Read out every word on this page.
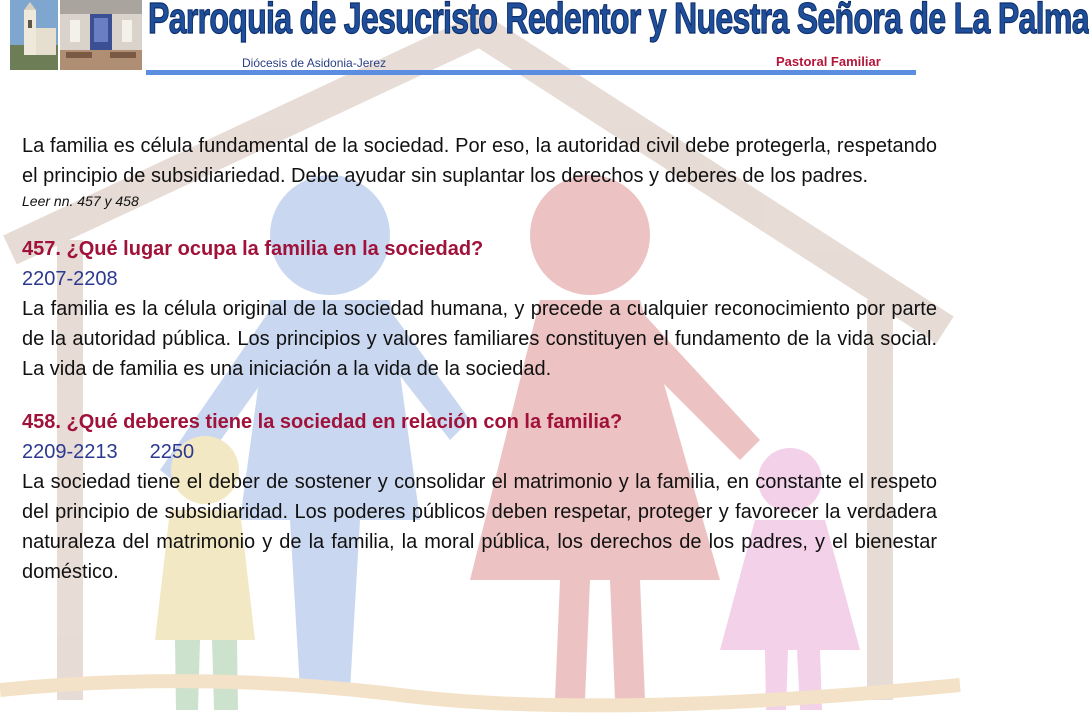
Parroquia de Jesucristo Redentor y Nuestra Señora de La Palma
Diócesis de Asidonia-Jerez	Pastoral Familiar

La familia es célula fundamental de la sociedad. Por eso, la autoridad civil debe protegerla, respetando el principio de subsidiariedad. Debe ayudar sin suplantar los derechos y deberes de los padres.

Leer nn. 457 y 458

457. ¿Qué lugar ocupa la familia en la sociedad?

2207-2208

La familia es la célula original de la sociedad humana, y precede a cualquier reconocimiento por parte de la autoridad pública. Los principios y valores familiares constituyen el fundamento de la vida social. La vida de familia es una iniciación a la vida de la sociedad.

458. ¿Qué deberes tiene la sociedad en relación con la familia?

2209-2213 2250

La sociedad tiene el deber de sostener y consolidar el matrimonio y la familia, en constante el respeto del principio de subsidiaridad. Los poderes públicos deben respetar, proteger y favorecer la verdadera naturaleza del matrimonio y de la familia, la moral pública, los derechos de los padres, y el bienestar doméstico.
